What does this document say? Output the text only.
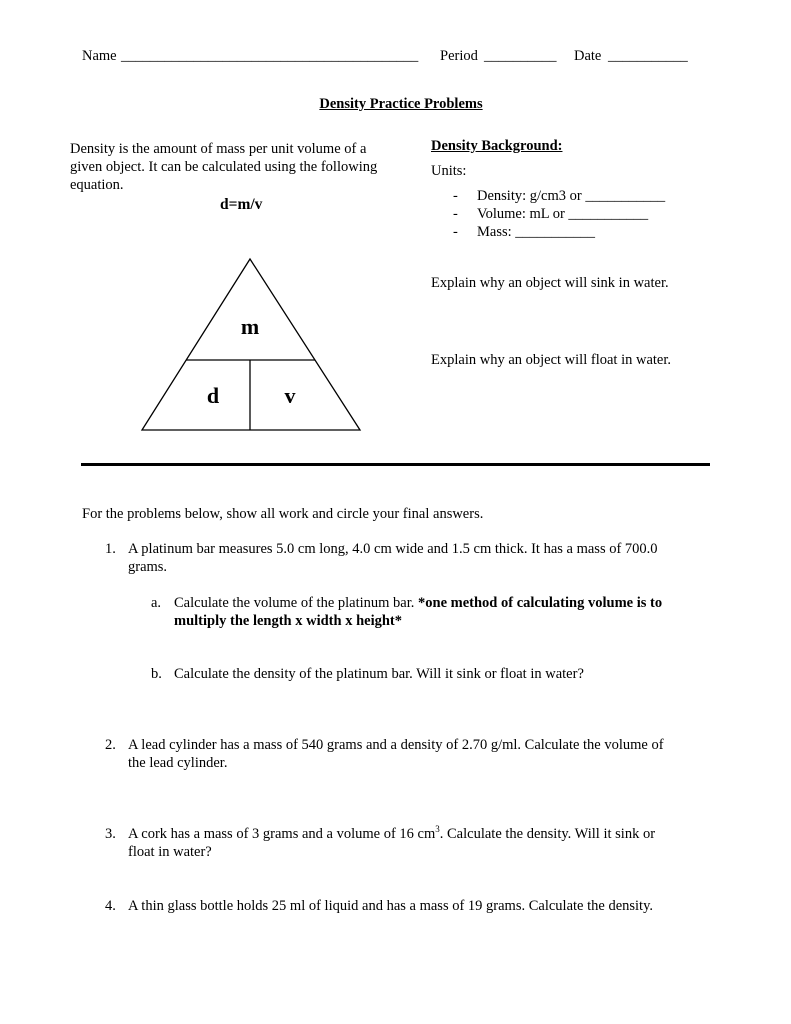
Name _________________________________________ Period __________ Date ___________
Density Practice Problems
Density is the amount of mass per unit volume of a
given object. It can be calculated using the following
equation.
d=m/v
m
d	v
Density Background:
Units:
- Density: g/cm3 or ___________
- Volume: mL or ___________
- Mass: ___________
Explain why an object will sink in water.
Explain why an object will float in water.
For the problems below, show all work and circle your final answers.
1. A platinum bar measures 5.0 cm long, 4.0 cm wide and 1.5 cm thick. It has a mass of 700.0
grams.
a. Calculate the volume of the platinum bar. *one method of calculating volume is to
multiply the length x width x height*
b. Calculate the density of the platinum bar. Will it sink or float in water?
2. A lead cylinder has a mass of 540 grams and a density of 2.70 g/ml. Calculate the volume of
the lead cylinder.
3. A cork has a mass of 3 grams and a volume of 16 $cm^3$. Calculate the density. Will it sink or
float in water?
4. A thin glass bottle holds 25 ml of liquid and has a mass of 19 grams. Calculate the density.
